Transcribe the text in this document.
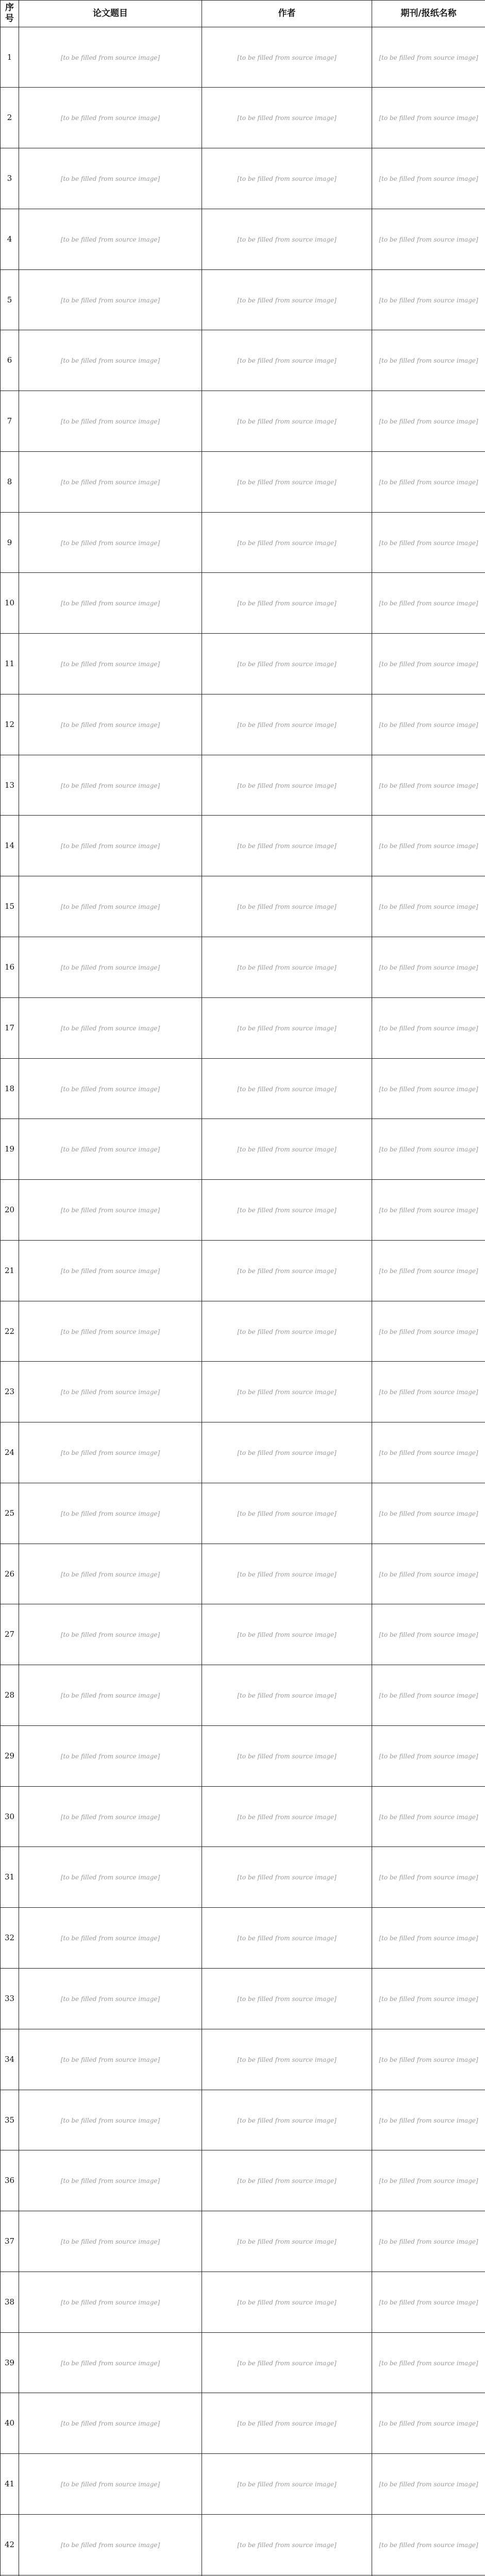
序号	论文题目	作者	期刊/报纸名称
1	[to be filled from source image]	[to be filled from source image]	[to be filled from source image]
2	[to be filled from source image]	[to be filled from source image]	[to be filled from source image]
3	[to be filled from source image]	[to be filled from source image]	[to be filled from source image]
4	[to be filled from source image]	[to be filled from source image]	[to be filled from source image]
5	[to be filled from source image]	[to be filled from source image]	[to be filled from source image]
6	[to be filled from source image]	[to be filled from source image]	[to be filled from source image]
7	[to be filled from source image]	[to be filled from source image]	[to be filled from source image]
8	[to be filled from source image]	[to be filled from source image]	[to be filled from source image]
9	[to be filled from source image]	[to be filled from source image]	[to be filled from source image]
10	[to be filled from source image]	[to be filled from source image]	[to be filled from source image]
11	[to be filled from source image]	[to be filled from source image]	[to be filled from source image]
12	[to be filled from source image]	[to be filled from source image]	[to be filled from source image]
13	[to be filled from source image]	[to be filled from source image]	[to be filled from source image]
14	[to be filled from source image]	[to be filled from source image]	[to be filled from source image]
15	[to be filled from source image]	[to be filled from source image]	[to be filled from source image]
16	[to be filled from source image]	[to be filled from source image]	[to be filled from source image]
17	[to be filled from source image]	[to be filled from source image]	[to be filled from source image]
18	[to be filled from source image]	[to be filled from source image]	[to be filled from source image]
19	[to be filled from source image]	[to be filled from source image]	[to be filled from source image]
20	[to be filled from source image]	[to be filled from source image]	[to be filled from source image]
21	[to be filled from source image]	[to be filled from source image]	[to be filled from source image]
22	[to be filled from source image]	[to be filled from source image]	[to be filled from source image]
23	[to be filled from source image]	[to be filled from source image]	[to be filled from source image]
24	[to be filled from source image]	[to be filled from source image]	[to be filled from source image]
25	[to be filled from source image]	[to be filled from source image]	[to be filled from source image]
26	[to be filled from source image]	[to be filled from source image]	[to be filled from source image]
27	[to be filled from source image]	[to be filled from source image]	[to be filled from source image]
28	[to be filled from source image]	[to be filled from source image]	[to be filled from source image]
29	[to be filled from source image]	[to be filled from source image]	[to be filled from source image]
30	[to be filled from source image]	[to be filled from source image]	[to be filled from source image]
31	[to be filled from source image]	[to be filled from source image]	[to be filled from source image]
32	[to be filled from source image]	[to be filled from source image]	[to be filled from source image]
33	[to be filled from source image]	[to be filled from source image]	[to be filled from source image]
34	[to be filled from source image]	[to be filled from source image]	[to be filled from source image]
35	[to be filled from source image]	[to be filled from source image]	[to be filled from source image]
36	[to be filled from source image]	[to be filled from source image]	[to be filled from source image]
37	[to be filled from source image]	[to be filled from source image]	[to be filled from source image]
38	[to be filled from source image]	[to be filled from source image]	[to be filled from source image]
39	[to be filled from source image]	[to be filled from source image]	[to be filled from source image]
40	[to be filled from source image]	[to be filled from source image]	[to be filled from source image]
41	[to be filled from source image]	[to be filled from source image]	[to be filled from source image]
42	[to be filled from source image]	[to be filled from source image]	[to be filled from source image]
